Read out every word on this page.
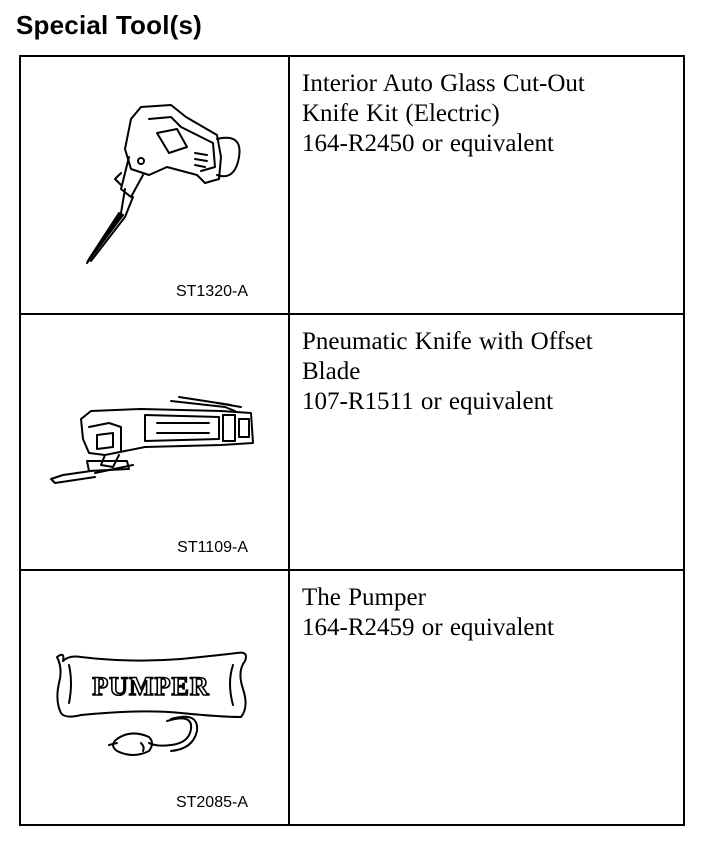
Special Tool(s)
ST1320-A	Interior Auto Glass Cut-Out
Knife Kit (Electric)
164-R2450 or equivalent

ST1109-A	Pneumatic Knife with Offset
Blade
107-R1511 or equivalent

PUMPER
ST2085-A	The Pumper
164-R2459 or equivalent
